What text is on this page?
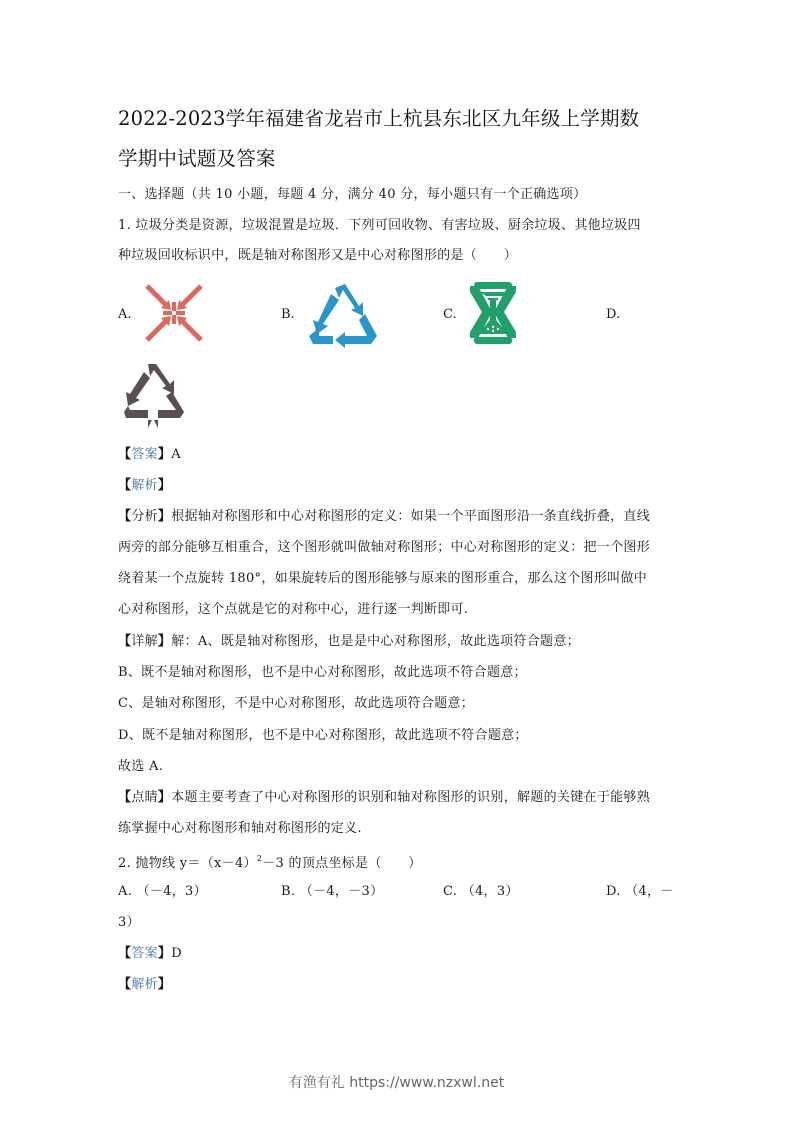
2022-2023学年福建省龙岩市上杭县东北区九年级上学期数
学期中试题及答案
一、选择题（共 10 小题，每题 4 分，满分 40 分，每小题只有一个正确选项）
1. 垃圾分类是资源，垃圾混置是垃圾．下列可回收物、有害垃圾、厨余垃圾、其他垃圾四
种垃圾回收标识中，既是轴对称图形又是中心对称图形的是（　　）
A.	B.	C.	D.
【答案】A
【解析】
【分析】根据轴对称图形和中心对称图形的定义：如果一个平面图形沿一条直线折叠，直线
两旁的部分能够互相重合，这个图形就叫做轴对称图形；中心对称图形的定义：把一个图形
绕着某一个点旋转 180°，如果旋转后的图形能够与原来的图形重合，那么这个图形叫做中
心对称图形，这个点就是它的对称中心，进行逐一判断即可.
【详解】解：A、既是轴对称图形，也是是中心对称图形，故此选项符合题意；
B、既不是轴对称图形，也不是中心对称图形，故此选项不符合题意；
C、是轴对称图形，不是中心对称图形，故此选项符合题意；
D、既不是轴对称图形，也不是中心对称图形，故此选项不符合题意；
故选 A.
【点睛】本题主要考查了中心对称图形的识别和轴对称图形的识别，解题的关键在于能够熟
练掌握中心对称图形和轴对称图形的定义.
2. 抛物线 $y=(x-4)^2-3$ 的顶点坐标是（　　）
A. （－4，3）	B. （－4，－3）	C. （4，3）	D. （4，－
3）
【答案】D
【解析】
有渔有礼 https://www.nzxwl.net
